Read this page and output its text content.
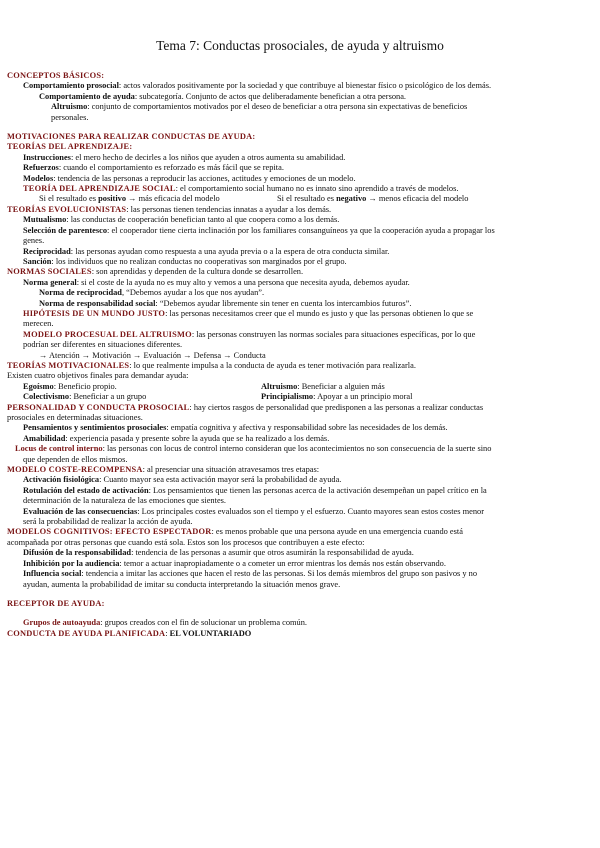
Tema 7: Conductas prosociales, de ayuda y altruismo

CONCEPTOS BÁSICOS:

Comportamiento prosocial: actos valorados positivamente por la sociedad y que contribuye al bienestar físico o psicológico de los demás.

Comportamiento de ayuda: subcategoría. Conjunto de actos que deliberadamente benefician a otra persona.

Altruismo: conjunto de comportamientos motivados por el deseo de beneficiar a otra persona sin expectativas de beneficios

personales.

MOTIVACIONES PARA REALIZAR CONDUCTAS DE AYUDA:

TEORÍAS DEL APRENDIZAJE:

Instrucciones: el mero hecho de decirles a los niños que ayuden a otros aumenta su amabilidad.

Refuerzos: cuando el comportamiento es reforzado es más fácil que se repita.

Modelos: tendencia de las personas a reproducir las acciones, actitudes y emociones de un modelo.

TEORÍA DEL APRENDIZAJE SOCIAL: el comportamiento social humano no es innato sino aprendido a través de modelos.

Si el resultado es positivo → más eficacia del modelo	Si el resultado es negativo → menos eficacia del modelo

TEORÍAS EVOLUCIONISTAS: las personas tienen tendencias innatas a ayudar a los demás.

Mutualismo: las conductas de cooperación benefician tanto al que coopera como a los demás.

Selección de parentesco: el cooperador tiene cierta inclinación por los familiares consanguíneos ya que la cooperación ayuda a propagar los

genes.

Reciprocidad: las personas ayudan como respuesta a una ayuda previa o a la espera de otra conducta similar.

Sanción: los individuos que no realizan conductas no cooperativas son marginados por el grupo.

NORMAS SOCIALES: son aprendidas y dependen de la cultura donde se desarrollen.

Norma general: si el coste de la ayuda no es muy alto y vemos a una persona que necesita ayuda, debemos ayudar.

Norma de reciprocidad, “Debemos ayudar a los que nos ayudan”.

Norma de responsabilidad social: “Debemos ayudar libremente sin tener en cuenta los intercambios futuros”.

HIPÓTESIS DE UN MUNDO JUSTO: las personas necesitamos creer que el mundo es justo y que las personas obtienen lo que se

merecen.

MODELO PROCESUAL DEL ALTRUISMO: las personas construyen las normas sociales para situaciones específicas, por lo que

podrían ser diferentes en situaciones diferentes.

→ Atención → Motivación → Evaluación → Defensa → Conducta

TEORÍAS MOTIVACIONALES: lo que realmente impulsa a la conducta de ayuda es tener motivación para realizarla.

Existen cuatro objetivos finales para demandar ayuda:

Egoísmo: Beneficio propio.	Altruismo: Beneficiar a alguien más
Colectivismo: Beneficiar a un grupo	Principialismo: Apoyar a un principio moral

PERSONALIDAD Y CONDUCTA PROSOCIAL: hay ciertos rasgos de personalidad que predisponen a las personas a realizar conductas

prosociales en determinadas situaciones.

Pensamientos y sentimientos prosociales: empatía cognitiva y afectiva y responsabilidad sobre las necesidades de los demás.

Amabilidad: experiencia pasada y presente sobre la ayuda que se ha realizado a los demás.

Locus de control interno: las personas con locus de control interno consideran que los acontecimientos no son consecuencia de la suerte sino

que dependen de ellos mismos.

MODELO COSTE-RECOMPENSA: al presenciar una situación atravesamos tres etapas:

Activación fisiológica: Cuanto mayor sea esta activación mayor será la probabilidad de ayuda.

Rotulación del estado de activación: Los pensamientos que tienen las personas acerca de la activación desempeñan un papel crítico en la

determinación de la naturaleza de las emociones que sientes.

Evaluación de las consecuencias: Los principales costes evaluados son el tiempo y el esfuerzo. Cuanto mayores sean estos costes menor

será la probabilidad de realizar la acción de ayuda.

MODELOS COGNITIVOS: EFECTO ESPECTADOR: es menos probable que una persona ayude en una emergencia cuando está

acompañada por otras personas que cuando está sola. Estos son los procesos que contribuyen a este efecto:

Difusión de la responsabilidad: tendencia de las personas a asumir que otros asumirán la responsabilidad de ayuda.

Inhibición por la audiencia: temor a actuar inapropiadamente o a cometer un error mientras los demás nos están observando.

Influencia social: tendencia a imitar las acciones que hacen el resto de las personas. Si los demás miembros del grupo son pasivos y no

ayudan, aumenta la probabilidad de imitar su conducta interpretando la situación menos grave.

RECEPTOR DE AYUDA:

Grupos de autoayuda: grupos creados con el fin de solucionar un problema común.

CONDUCTA DE AYUDA PLANIFICADA: EL VOLUNTARIADO
